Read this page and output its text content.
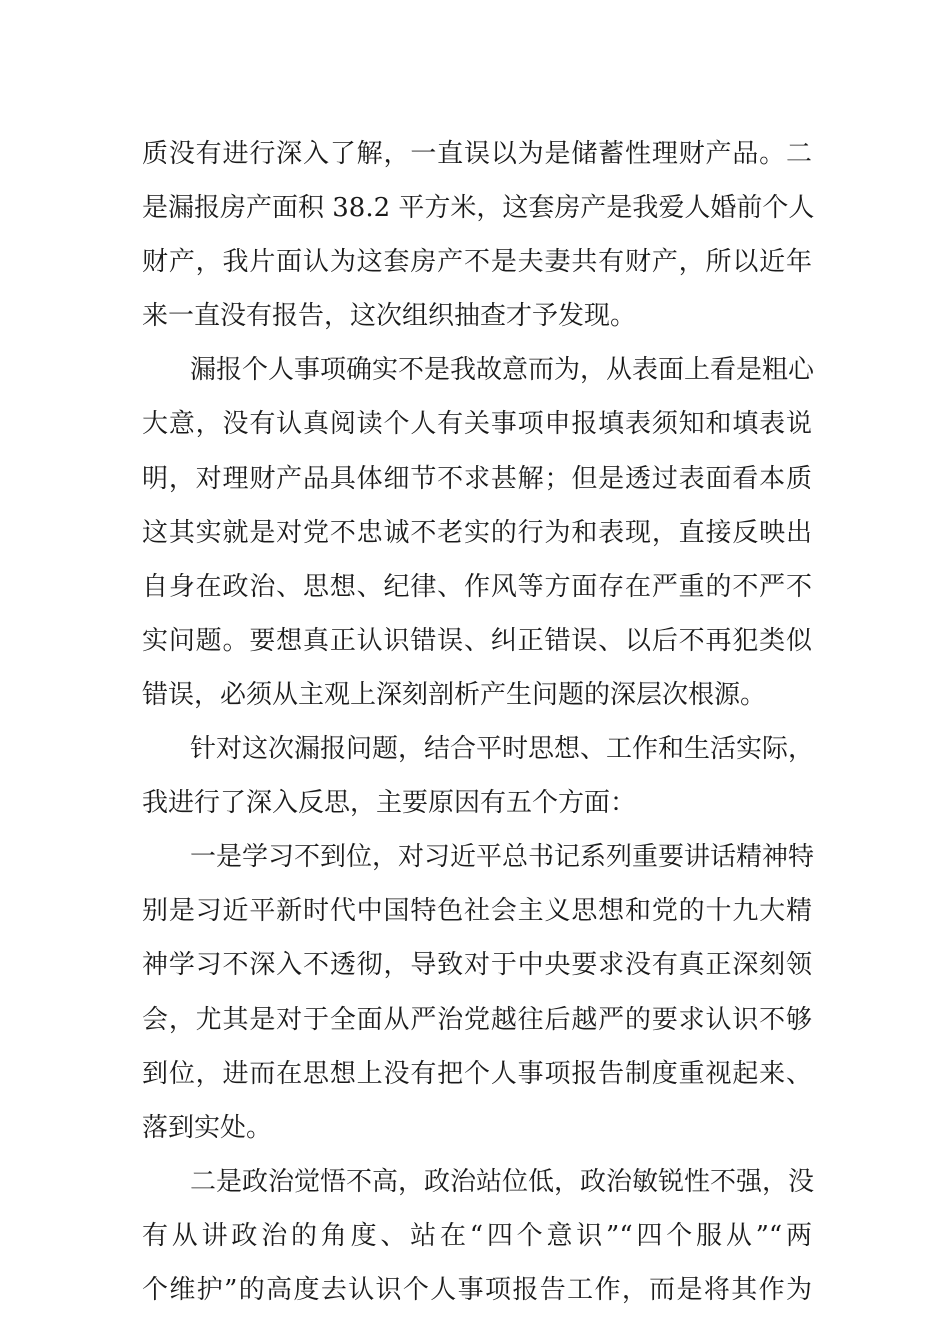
质没有进行深入了解，一直误以为是储蓄性理财产品。二
是漏报房产面积 38.2 平方米，这套房产是我爱人婚前个人
财产，我片面认为这套房产不是夫妻共有财产，所以近年
来一直没有报告，这次组织抽查才予发现。
漏报个人事项确实不是我故意而为，从表面上看是粗心
大意，没有认真阅读个人有关事项申报填表须知和填表说
明，对理财产品具体细节不求甚解；但是透过表面看本质
这其实就是对党不忠诚不老实的行为和表现，直接反映出
自身在政治、思想、纪律、作风等方面存在严重的不严不
实问题。要想真正认识错误、纠正错误、以后不再犯类似
错误，必须从主观上深刻剖析产生问题的深层次根源。
针对这次漏报问题，结合平时思想、工作和生活实际，
我进行了深入反思，主要原因有五个方面：
一是学习不到位，对习近平总书记系列重要讲话精神特
别是习近平新时代中国特色社会主义思想和党的十九大精
神学习不深入不透彻，导致对于中央要求没有真正深刻领
会，尤其是对于全面从严治党越往后越严的要求认识不够
到位，进而在思想上没有把个人事项报告制度重视起来、
落到实处。
二是政治觉悟不高，政治站位低，政治敏锐性不强，没
有从讲政治的角度、站在“四个意识”“四个服从”“两
个维护”的高度去认识个人事项报告工作，而是将其作为
